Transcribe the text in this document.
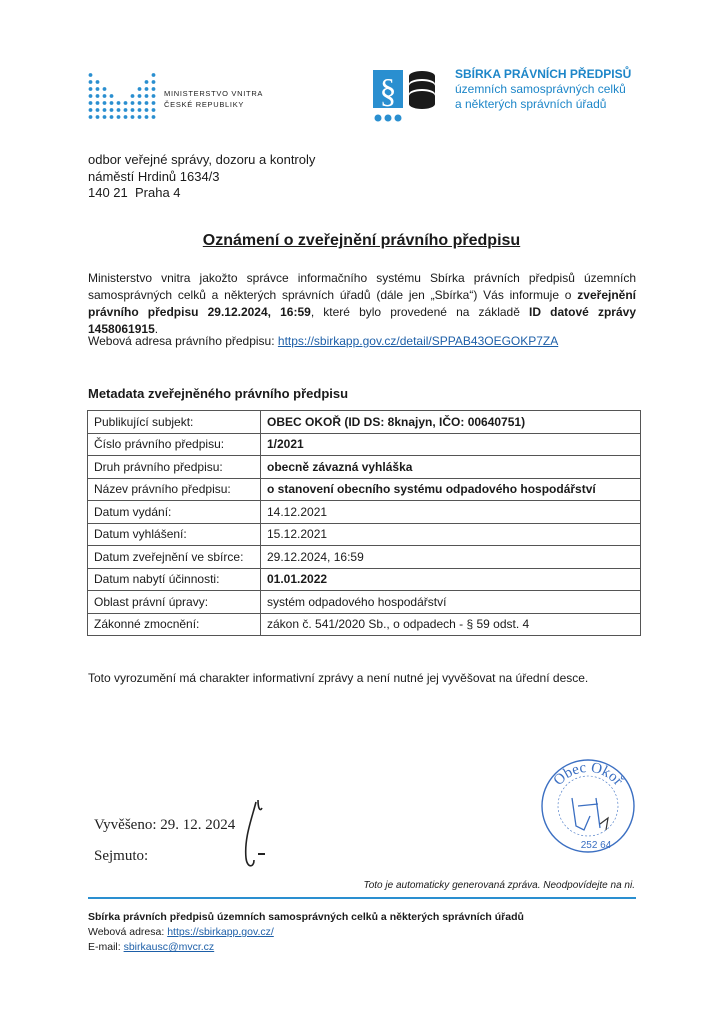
MINISTERSTVO VNITRA
ČESKÉ REPUBLIKY	§	SBÍRKA PRÁVNÍCH PŘEDPISŮ
územních samosprávných celků
a některých správních úřadů
odbor veřejné správy, dozoru a kontroly
náměstí Hrdinů 1634/3
140 21  Praha 4
Oznámení o zveřejnění právního předpisu
Ministerstvo vnitra jakožto správce informačního systému Sbírka právních předpisů územních samosprávných celků a některých správních úřadů (dále jen „Sbírka“) Vás informuje o zveřejnění právního předpisu 29.12.2024, 16:59, které bylo provedené na základě ID datové zprávy 1458061915.
Webová adresa právního předpisu: https://sbirkapp.gov.cz/detail/SPPAB43OEGOKP7ZA
Metadata zveřejněného právního předpisu
Publikující subjekt:	OBEC OKOŘ (ID DS: 8knajyn, IČO: 00640751)
Číslo právního předpisu:	1/2021
Druh právního předpisu:	obecně závazná vyhláška
Název právního předpisu:	o stanovení obecního systému odpadového hospodářství
Datum vydání:	14.12.2021
Datum vyhlášení:	15.12.2021
Datum zveřejnění ve sbírce:	29.12.2024, 16:59
Datum nabytí účinnosti:	01.01.2022
Oblast právní úpravy:	systém odpadového hospodářství
Zákonné zmocnění:	zákon č. 541/2020 Sb., o odpadech - § 59 odst. 4
Toto vyrozumění má charakter informativní zprávy a není nutné jej vyvěšovat na úřední desce.
Vyvěšeno: 29. 12. 2024
Sejmuto:
Obec Okoř
252 64
Toto je automaticky generovaná zpráva. Neodpovídejte na ni.
Sbírka právních předpisů územních samosprávných celků a některých správních úřadů
Webová adresa: https://sbirkapp.gov.cz/
E-mail: sbirkausc@mvcr.cz
